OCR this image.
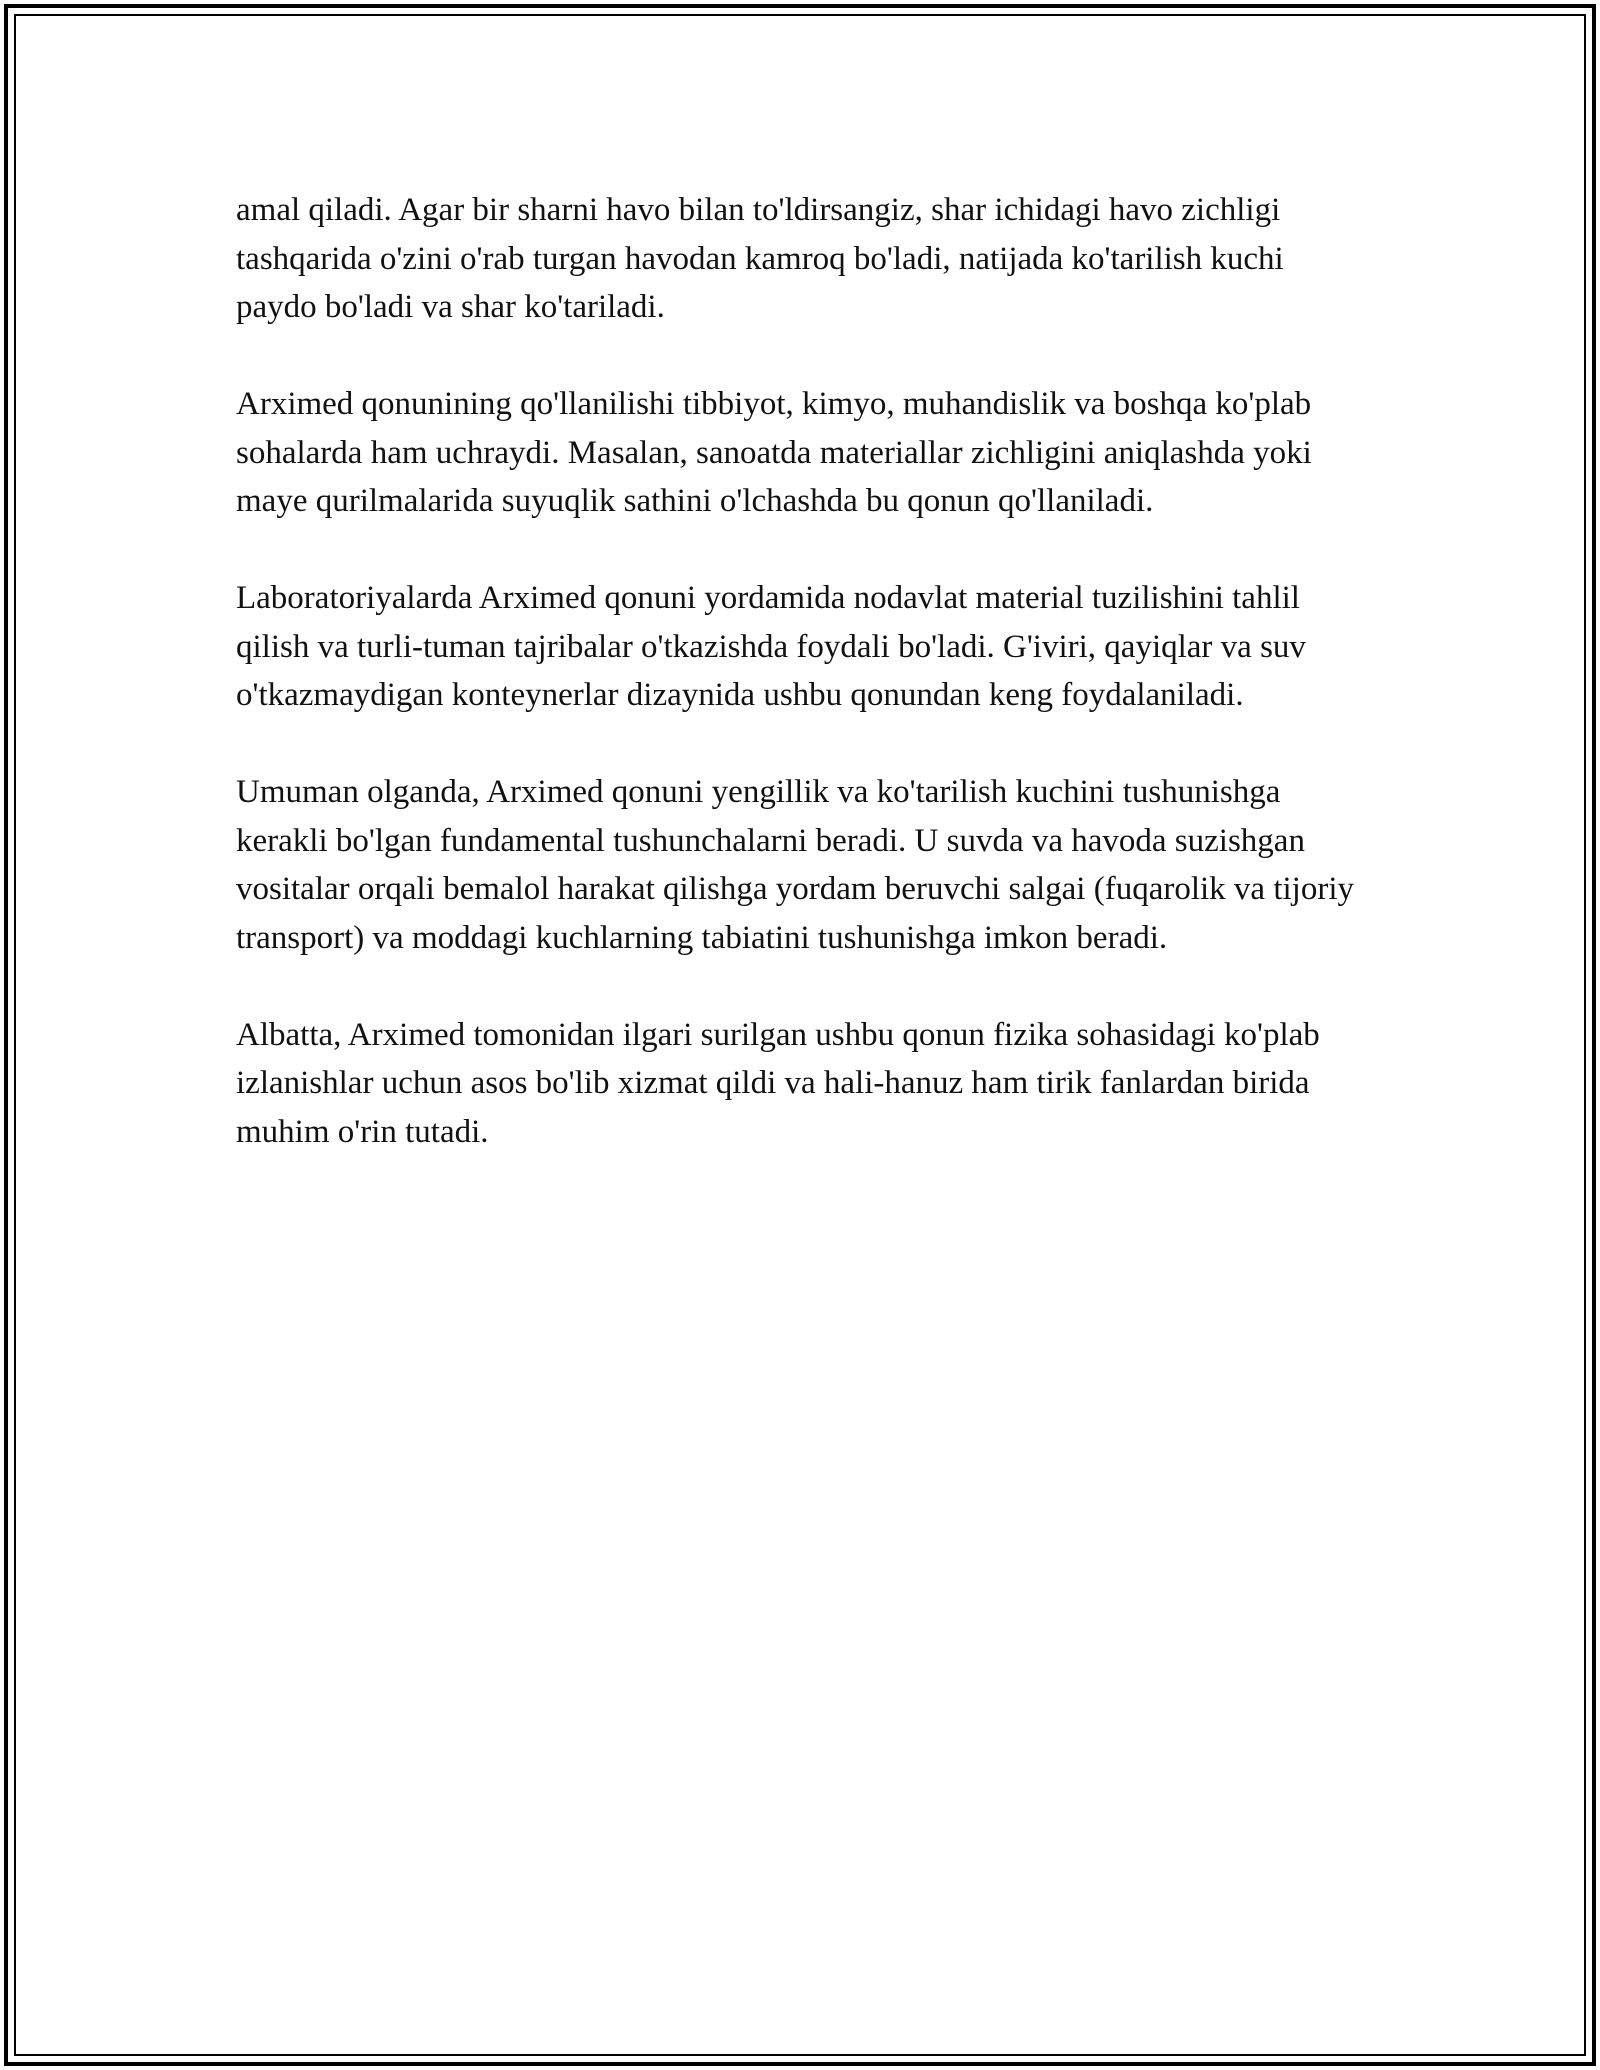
amal qiladi. Agar bir sharni havo bilan to'ldirsangiz, shar ichidagi havo zichligi tashqarida o'zini o'rab turgan havodan kamroq bo'ladi, natijada ko'tarilish kuchi paydo bo'ladi va shar ko'tariladi.

Arximed qonunining qo'llanilishi tibbiyot, kimyo, muhandislik va boshqa ko'plab sohalarda ham uchraydi. Masalan, sanoatda materiallar zichligini aniqlashda yoki maye qurilmalarida suyuqlik sathini o'lchashda bu qonun qo'llaniladi.

Laboratoriyalarda Arximed qonuni yordamida nodavlat material tuzilishini tahlil qilish va turli-tuman tajribalar o'tkazishda foydali bo'ladi. G'iviri, qayiqlar va suv o'tkazmaydigan konteynerlar dizaynida ushbu qonundan keng foydalaniladi.

Umuman olganda, Arximed qonuni yengillik va ko'tarilish kuchini tushunishga kerakli bo'lgan fundamental tushunchalarni beradi. U suvda va havoda suzishgan vositalar orqali bemalol harakat qilishga yordam beruvchi salgai (fuqarolik va tijoriy transport) va moddagi kuchlarning tabiatini tushunishga imkon beradi.

Albatta, Arximed tomonidan ilgari surilgan ushbu qonun fizika sohasidagi ko'plab izlanishlar uchun asos bo'lib xizmat qildi va hali-hanuz ham tirik fanlardan birida muhim o'rin tutadi.
